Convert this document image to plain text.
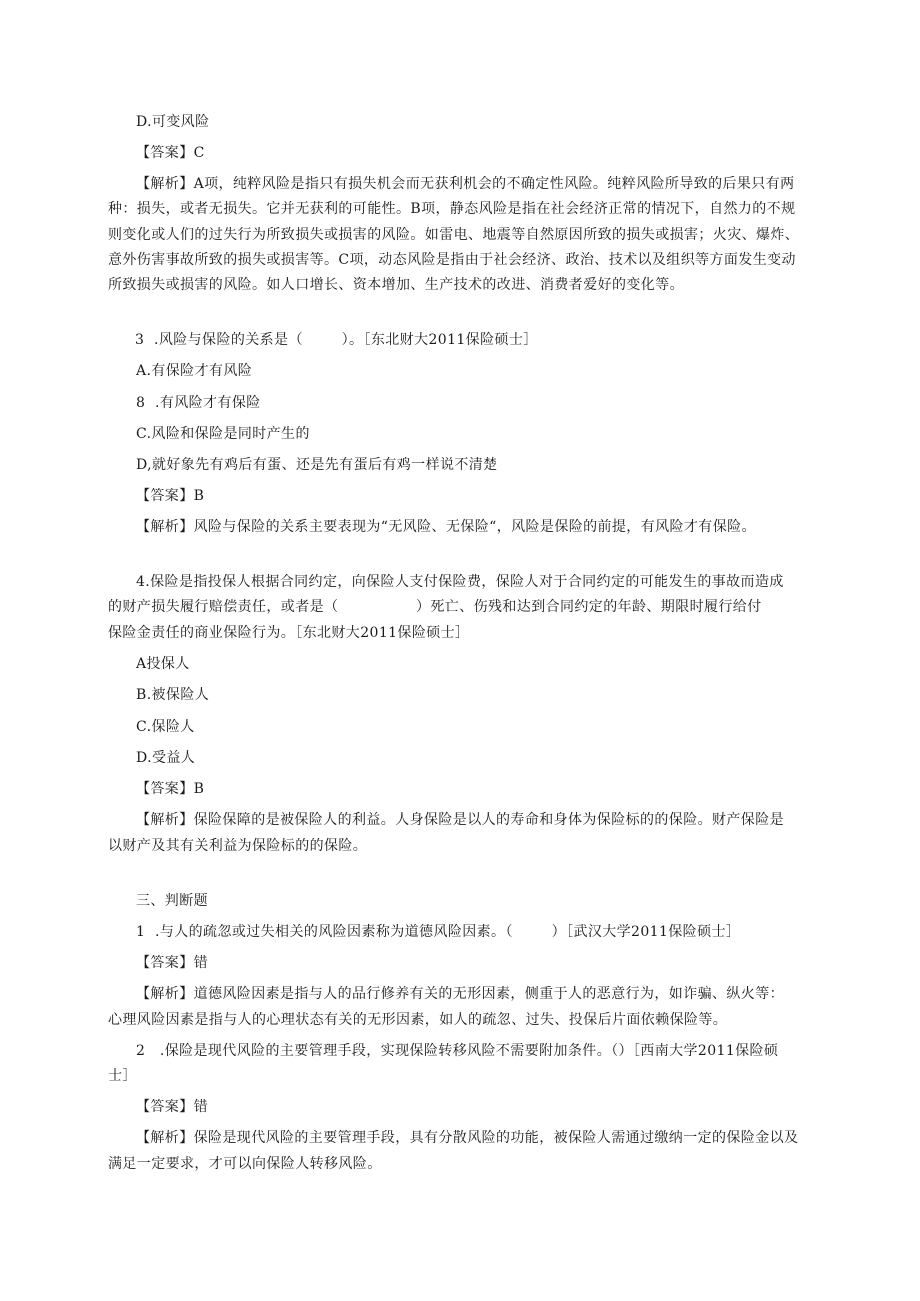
D.可变风险
【答案】C
【解析】A项，纯粹风险是指只有损失机会而无获利机会的不确定性风险。纯粹风险所导致的后果只有两
种：损失，或者无损失。它并无获利的可能性。B项，静态风险是指在社会经济正常的情况下，自然力的不规
则变化或人们的过失行为所致损失或损害的风险。如雷电、地震等自然原因所致的损失或损害；火灾、爆炸、
意外伤害事故所致的损失或损害等。C项，动态风险是指由于社会经济、政治、技术以及组织等方面发生变动
所致损失或损害的风险。如人口增长、资本增加、生产技术的改进、消费者爱好的变化等。
3  .风险与保险的关系是（        ）。［东北财大2011保险硕士］
A.有保险才有风险
8  .有风险才有保险
C.风险和保险是同时产生的
D,就好象先有鸡后有蛋、还是先有蛋后有鸡一样说不清楚
【答案】B
【解析】风险与保险的关系主要表现为“无风险、无保险“，风险是保险的前提，有风险才有保险。
4.保险是指投保人根据合同约定，向保险人支付保险费，保险人对于合同约定的可能发生的事故而造成
的财产损失履行赔偿责任，或者是（                ）死亡、伤残和达到合同约定的年龄、期限时履行给付
保险金责任的商业保险行为。［东北财大2011保险硕士］
A投保人
B.被保险人
C.保险人
D.受益人
【答案】B
【解析】保险保障的是被保险人的利益。人身保险是以人的寿命和身体为保险标的的保险。财产保险是
以财产及其有关利益为保险标的的保险。
三、判断题
1  .与人的疏忽或过失相关的风险因素称为道德风险因素。（        ）［武汉大学2011保险硕士］
【答案】错
【解析】道德风险因素是指与人的品行修养有关的无形因素，侧重于人的恶意行为，如诈骗、纵火等：
心理风险因素是指与人的心理状态有关的无形因素，如人的疏忽、过失、投保后片面依赖保险等。
2   .保险是现代风险的主要管理手段，实现保险转移风险不需要附加条件。（）［西南大学2011保险硕
士］
【答案】错
【解析】保险是现代风险的主要管理手段，具有分散风险的功能，被保险人需通过缴纳一定的保险金以及
满足一定要求，才可以向保险人转移风险。
